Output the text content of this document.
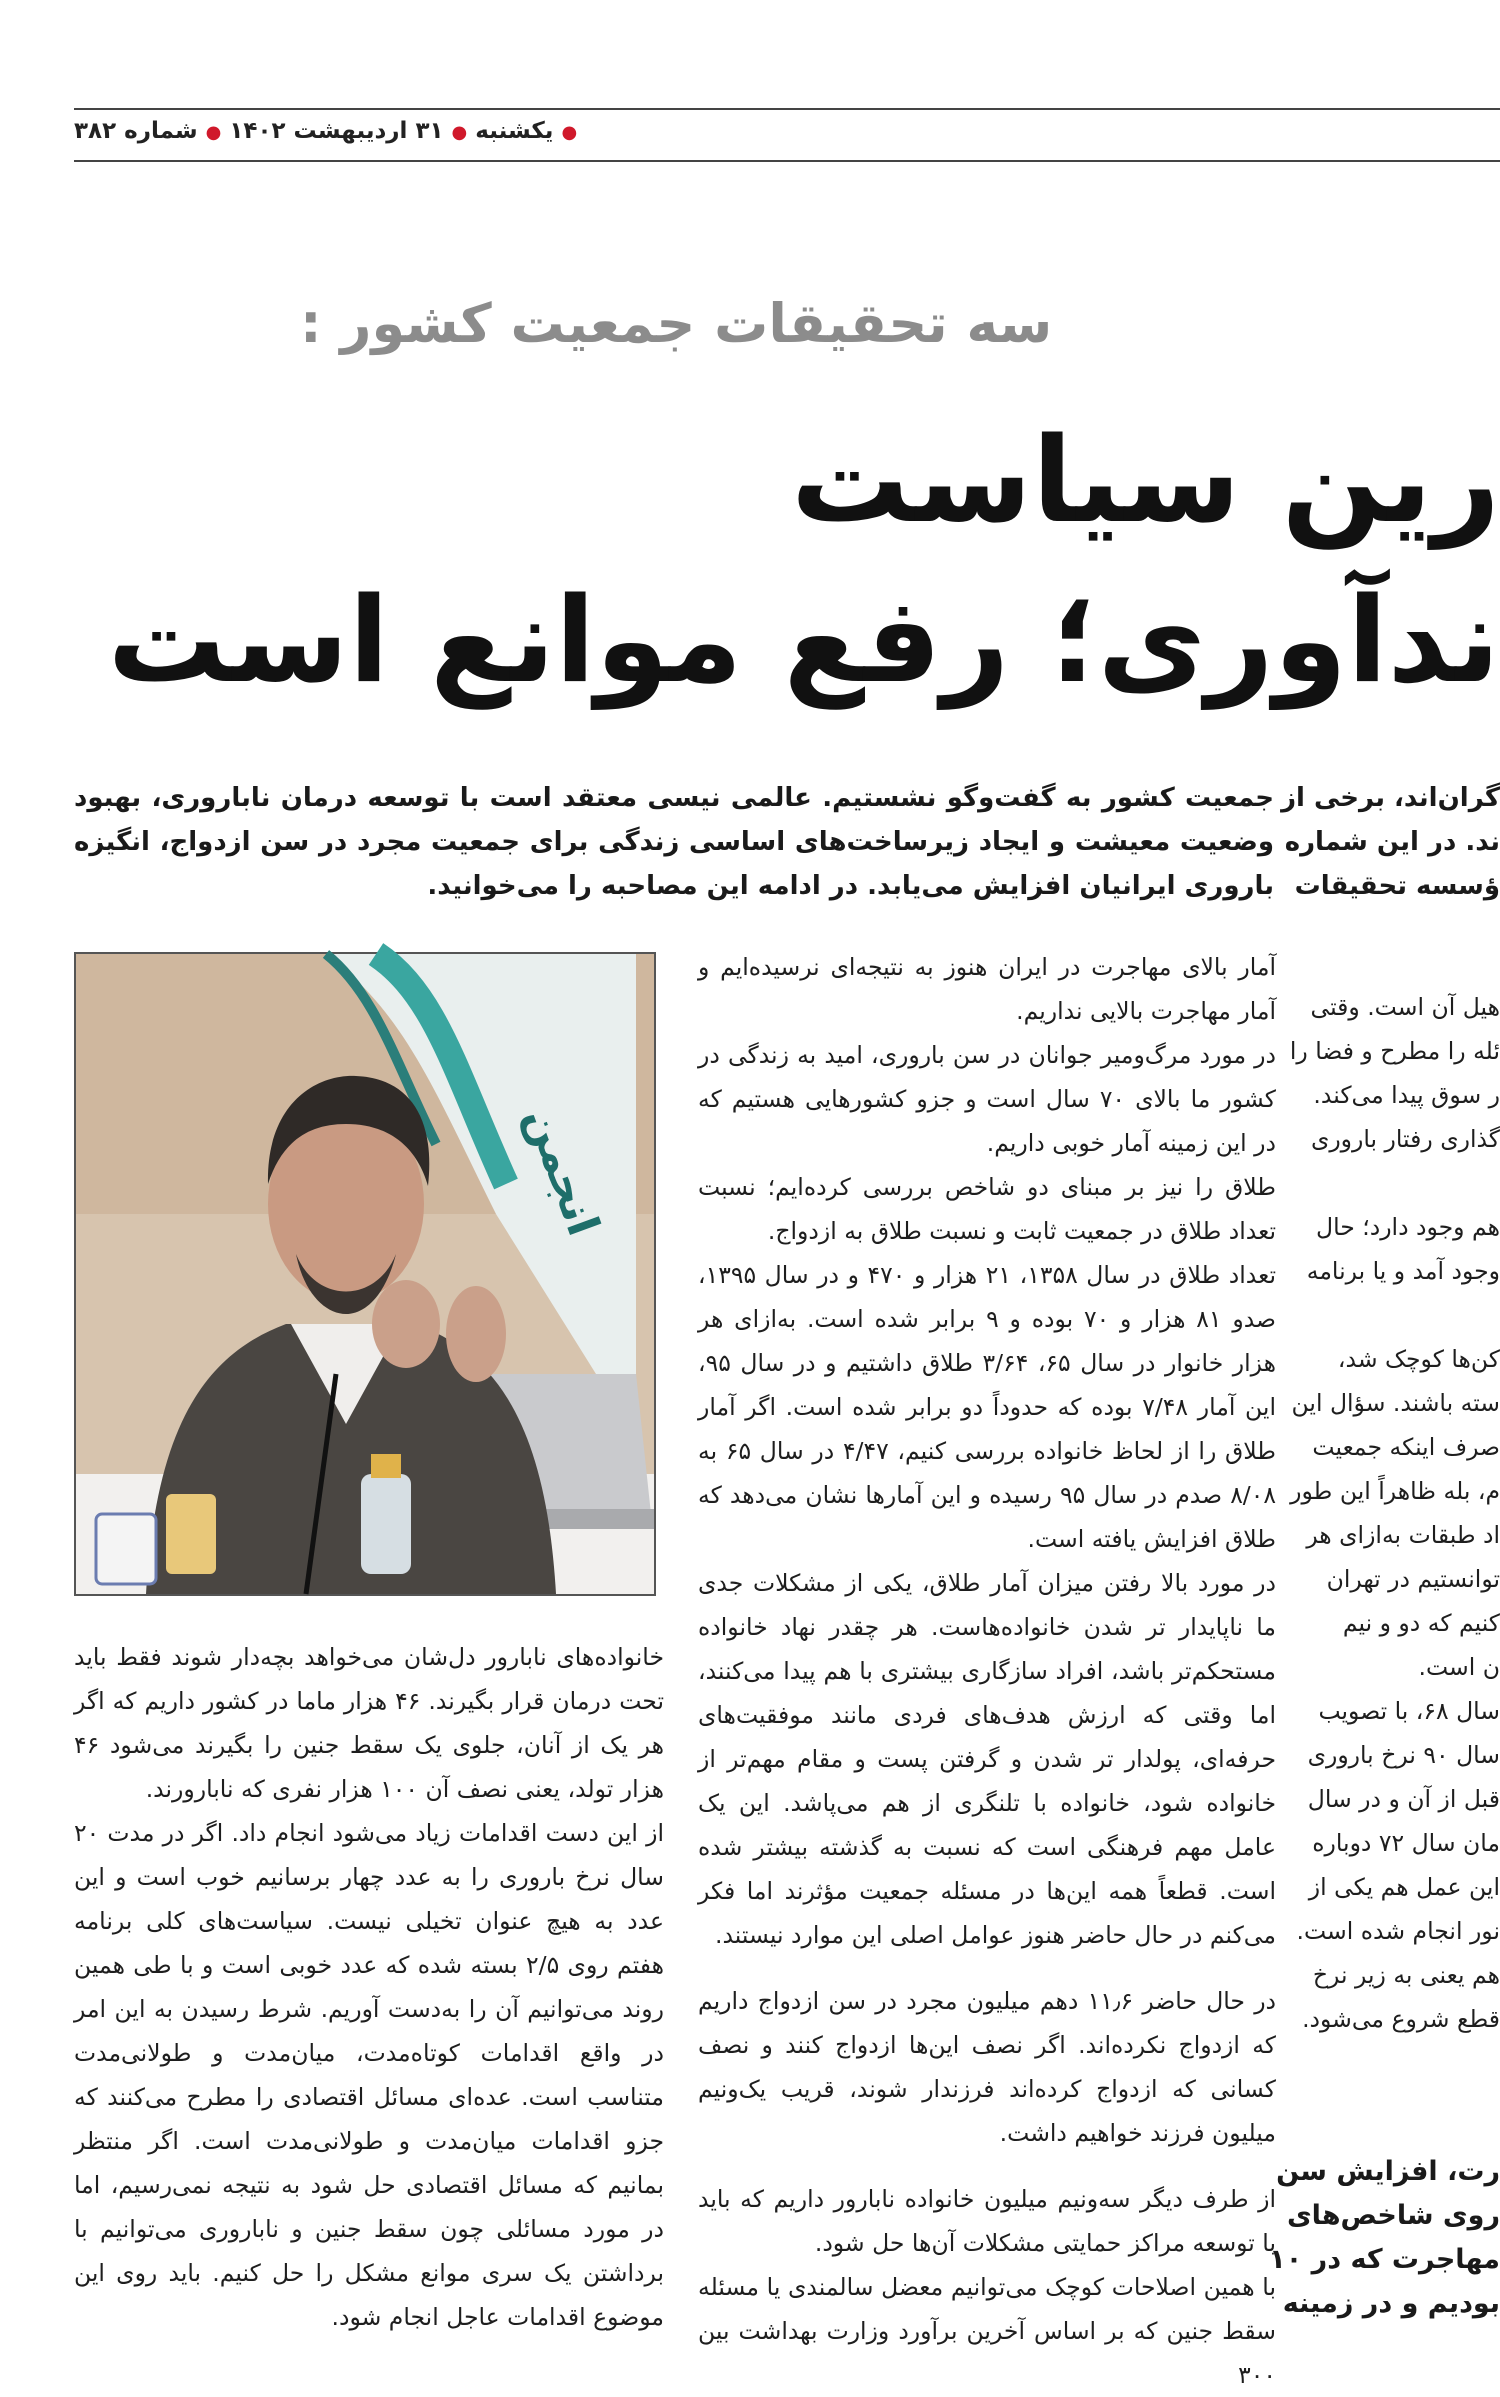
● یکشنبه ● ۳۱ اردیبهشت ۱۴۰۲ ● شماره ۳۸۲
سه تحقیقات جمعیت کشور :
رین سیاست
ندآوری؛ رفع موانع است
جمعیت کشور به گفت‌وگو نشستیم. عالمی نیسی معتقد است با توسعه درمان ناباروری، بهبود وضعیت معیشت و ایجاد زیرساخت‌های اساسی زندگی برای جمعیت مجرد در سن ازدواج، انگیزه باروری ایرانیان افزایش می‌یابد. در ادامه این مصاحبه را می‌خوانید.
گران‌اند، برخی از
ند. در این شماره
ؤسسه تحقیقات
انجمن

آمار بالای مهاجرت در ایران هنوز به نتیجه‌ای نرسیده‌ایم و آمار مهاجرت بالایی نداریم.

در مورد مرگ‌ومیر جوانان در سن باروری، امید به زندگی در کشور ما بالای ۷۰ سال است و جزو کشورهایی هستیم که در این زمینه آمار خوبی داریم.

طلاق را نیز بر مبنای دو شاخص بررسی کرده‌ایم؛ نسبت تعداد طلاق در جمعیت ثابت و نسبت طلاق به ازدواج.

تعداد طلاق در سال ۱۳۵۸، ۲۱ هزار و ۴۷۰ و در سال ۱۳۹۵، صدو ۸۱ هزار و ۷۰ بوده و ۹ برابر شده است. به‌ازای هر هزار خانوار در سال ۶۵، ۳/۶۴ طلاق داشتیم و در سال ۹۵، این آمار ۷/۴۸ بوده که حدوداً دو برابر شده است. اگر آمار طلاق را از لحاظ خانواده بررسی کنیم، ۴/۴۷ در سال ۶۵ به ۸/۰۸ صدم در سال ۹۵ رسیده و این آمارها نشان می‌دهد که طلاق افزایش یافته است.

در مورد بالا رفتن میزان آمار طلاق، یکی از مشکلات جدی ما ناپایدار تر شدن خانواده‌هاست. هر چقدر نهاد خانواده مستحکم‌تر باشد، افراد سازگاری بیشتری با هم پیدا می‌کنند، اما وقتی که ارزش هدف‌های فردی مانند موفقیت‌های حرفه‌ای، پولدار تر شدن و گرفتن پست و مقام مهم‌تر از خانواده شود، خانواده با تلنگری از هم می‌پاشد. این یک عامل مهم فرهنگی است که نسبت به گذشته بیشتر شده است. قطعاً همه این‌ها در مسئله جمعیت مؤثرند اما فکر می‌کنم در حال حاضر هنوز عوامل اصلی این موارد نیستند.

در حال حاضر ۱۱٫۶ دهم میلیون مجرد در سن ازدواج داریم که ازدواج نکرده‌اند. اگر نصف این‌ها ازدواج کنند و نصف کسانی که ازدواج کرده‌اند فرزندار شوند، قریب یک‌ونیم میلیون فرزند خواهیم داشت.

از طرف دیگر سه‌ونیم میلیون خانواده نابارور داریم که باید با توسعه مراکز حمایتی مشکلات آن‌ها حل شود.

با همین اصلاحات کوچک می‌توانیم معضل سالمندی یا مسئله سقط جنین که بر اساس آخرین برآورد وزارت بهداشت بین ۳۰۰

خانواده‌های نابارور دل‌شان می‌خواهد بچه‌دار شوند فقط باید تحت درمان قرار بگیرند. ۴۶ هزار ماما در کشور داریم که اگر هر یک از آنان، جلوی یک سقط جنین را بگیرند می‌شود ۴۶ هزار تولد، یعنی نصف آن ۱۰۰ هزار نفری که نابارورند.

از این دست اقدامات زیاد می‌شود انجام داد. اگر در مدت ۲۰ سال نرخ باروری را به عدد چهار برسانیم خوب است و این عدد به هیچ عنوان تخیلی نیست. سیاست‌های کلی برنامه هفتم روی ۲/۵ بسته شده که عدد خوبی است و با طی همین روند می‌توانیم آن را به‌دست آوریم. شرط رسیدن به این امر در واقع اقدامات کوتاه‌مدت، میان‌مدت و طولانی‌مدت متناسب است. عده‌ای مسائل اقتصادی را مطرح می‌کنند که جزو اقدامات میان‌مدت و طولانی‌مدت است. اگر منتظر بمانیم که مسائل اقتصادی حل شود به نتیجه نمی‌رسیم، اما در مورد مسائلی چون سقط جنین و ناباروری می‌توانیم با برداشتن یک سری موانع مشکل را حل کنیم. باید روی این موضوع اقدامات عاجل انجام شود.

هیل آن است. وقتی

ئله را مطرح و فضا را

ر سوق پیدا می‌کند.

گذاری رفتار باروری

هم وجود دارد؛ حال

وجود آمد و یا برنامه

کن‌ها کوچک شد،

سته باشند. سؤال این

صرف اینکه جمعیت

م، بله ظاهراً این طور

اد طبقات به‌ازای هر

توانستیم در تهران

کنیم که دو و نیم

ن است.

سال ۶۸، با تصویب

سال ۹۰ نرخ باروری

قبل از آن و در سال

مان سال ۷۲ دوباره

این عمل هم یکی از

نور انجام شده است.

هم یعنی به زیر نرخ

قطع شروع می‌شود.

رت، افزایش سن
روی شاخص‌های
مهاجرت که در ۱۰
بودیم و در زمینه
